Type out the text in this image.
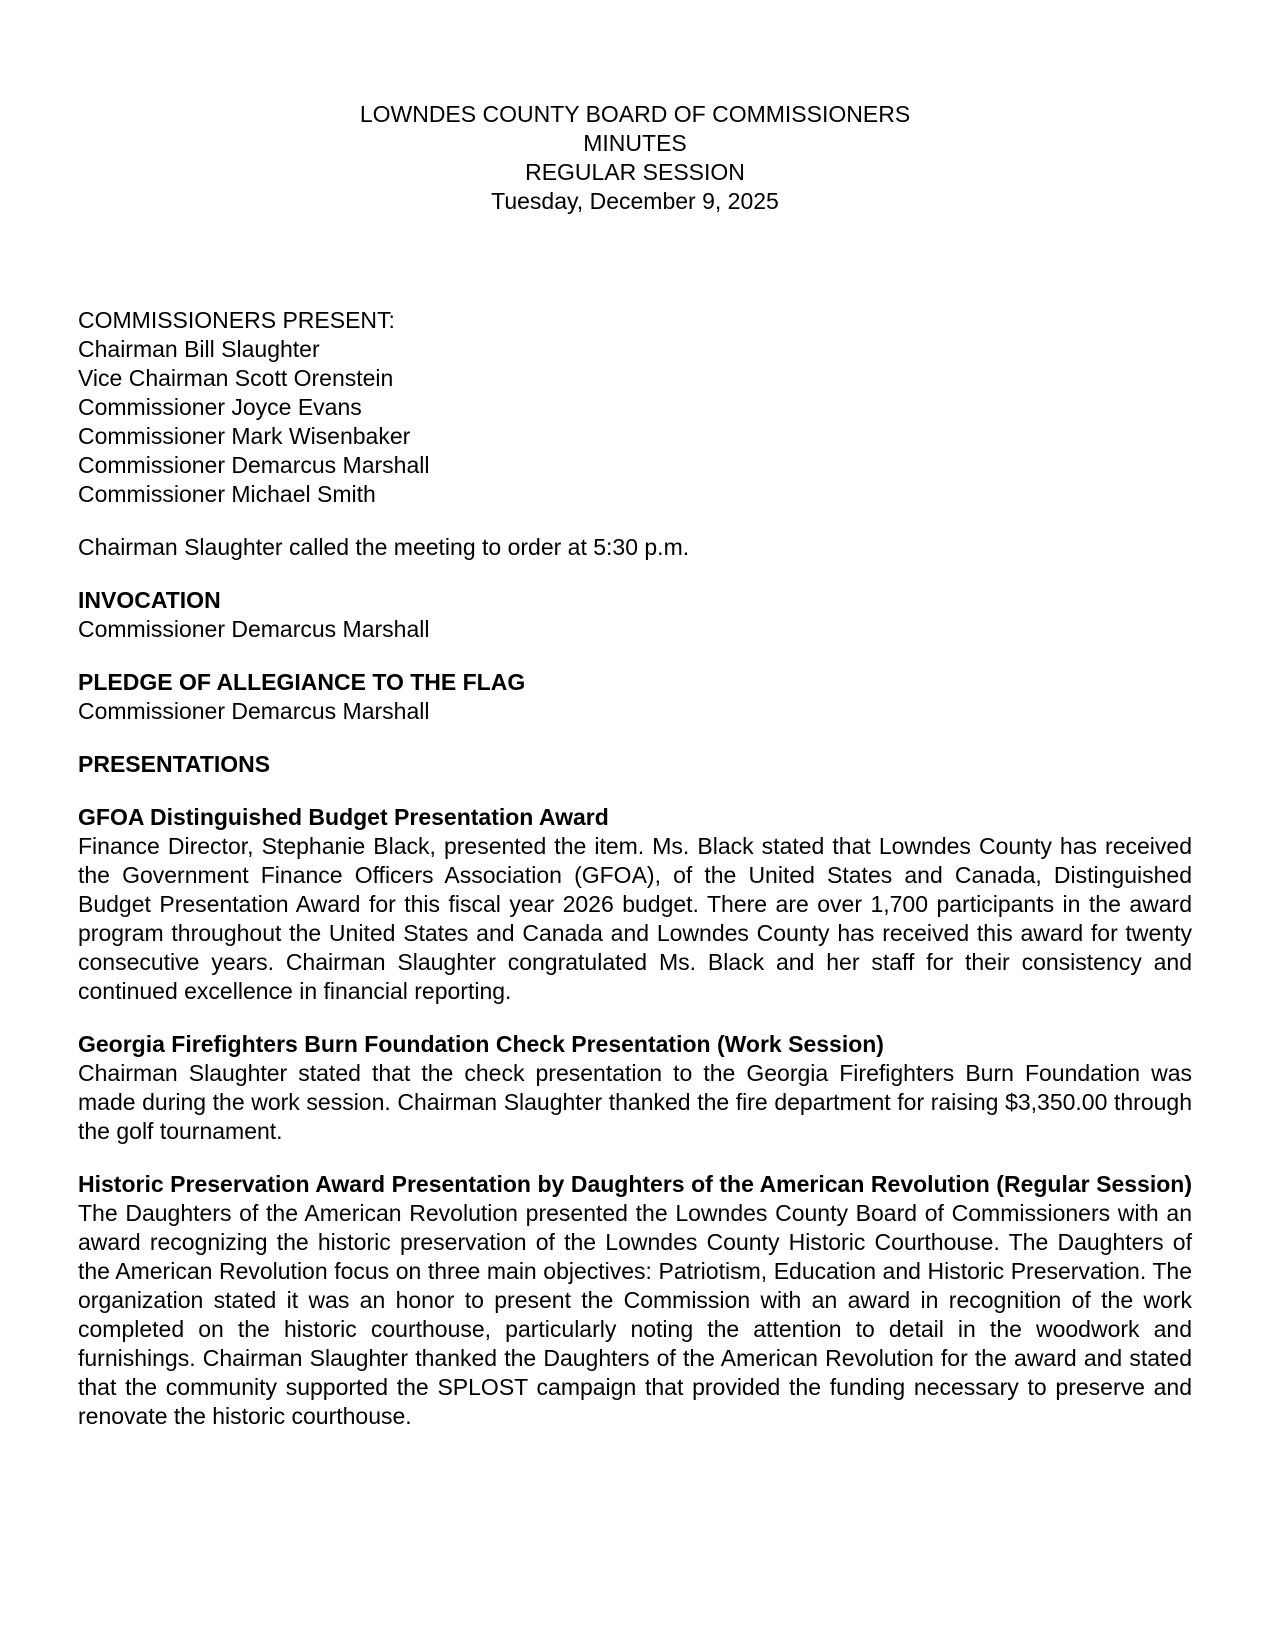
LOWNDES COUNTY BOARD OF COMMISSIONERS
MINUTES
REGULAR SESSION
Tuesday, December 9, 2025
COMMISSIONERS PRESENT:
Chairman Bill Slaughter
Vice Chairman Scott Orenstein
Commissioner Joyce Evans
Commissioner Mark Wisenbaker
Commissioner Demarcus Marshall
Commissioner Michael Smith
Chairman Slaughter called the meeting to order at 5:30 p.m.
INVOCATION
Commissioner Demarcus Marshall
PLEDGE OF ALLEGIANCE TO THE FLAG
Commissioner Demarcus Marshall
PRESENTATIONS
GFOA Distinguished Budget Presentation Award

Finance Director, Stephanie Black, presented the item. Ms. Black stated that Lowndes County has received the Government Finance Officers Association (GFOA), of the United States and Canada, Distinguished Budget Presentation Award for this fiscal year 2026 budget. There are over 1,700 participants in the award program throughout the United States and Canada and Lowndes County has received this award for twenty consecutive years. Chairman Slaughter congratulated Ms. Black and her staff for their consistency and continued excellence in financial reporting.

Georgia Firefighters Burn Foundation Check Presentation (Work Session)

Chairman Slaughter stated that the check presentation to the Georgia Firefighters Burn Foundation was made during the work session. Chairman Slaughter thanked the fire department for raising $3,350.00 through the golf tournament.

Historic Preservation Award Presentation by Daughters of the American Revolution (Regular Session) The Daughters of the American Revolution presented the Lowndes County Board of Commissioners with an award recognizing the historic preservation of the Lowndes County Historic Courthouse. The Daughters of the American Revolution focus on three main objectives: Patriotism, Education and Historic Preservation. The organization stated it was an honor to present the Commission with an award in recognition of the work completed on the historic courthouse, particularly noting the attention to detail in the woodwork and furnishings. Chairman Slaughter thanked the Daughters of the American Revolution for the award and stated that the community supported the SPLOST campaign that provided the funding necessary to preserve and renovate the historic courthouse.
